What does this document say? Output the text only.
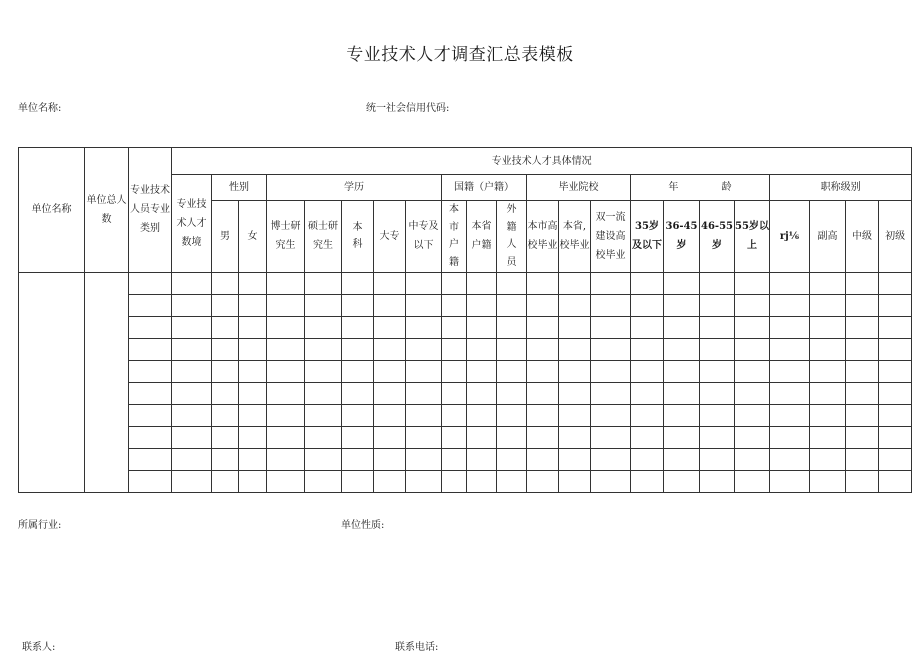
专业技术人才调查汇总表模板
单位名称:	统一社会信用代码:
单位名称	单位总人数	专业技术人员专业类别	专业技术人才具体情况																					
			专业技术人才数境	性别		学历					国籍（户籍）			毕业院校			年 龄				职称级别			
				男	女	博士研究生	硕士研究生	本科	大专	中专及以下	本市户籍	本省户籍	外籍人员	本市高校毕业	本省,校毕业	双一流建设高校毕业	35岁及以下	36-45岁	46-55岁	55岁以上	rj⅙	副高	中级	初级

所属行业:	单位性质:
联系人:	联系电话:
